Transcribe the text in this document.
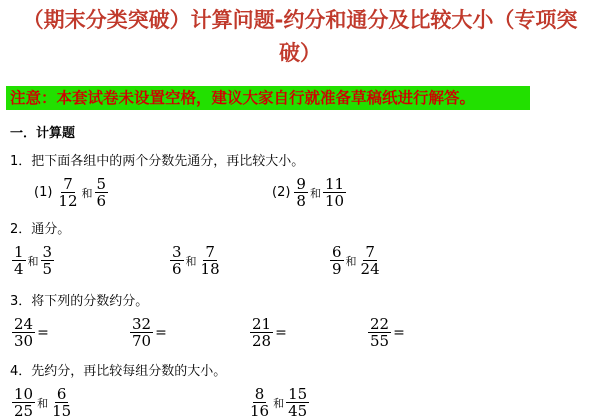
（期末分类突破）计算问题-约分和通分及比较大小（专项突
破）
注意：本套试卷未设置空格，建议大家自行就准备草稿纸进行解答。
一．计算题
1．把下面各组中的两个分数先通分，再比较大小。
$(1) \frac{7}{12}$ 和 $\frac{5}{6}$	$(2) \frac{9}{8}$ 和 $\frac{11}{10}$
2．通分。
$\frac{1}{4}$ 和 $\frac{3}{5}$	$\frac{3}{6}$ 和 $\frac{7}{18}$	$\frac{6}{9}$ 和 $\frac{7}{24}$
3．将下列的分数约分。
$\frac{24}{30}$ =	$\frac{32}{70}$ =	$\frac{21}{28}$ =	$\frac{22}{55}$ =
4．先约分，再比较每组分数的大小。
$\frac{10}{25}$ 和 $\frac{6}{15}$	$\frac{8}{16}$ 和 $\frac{15}{45}$
